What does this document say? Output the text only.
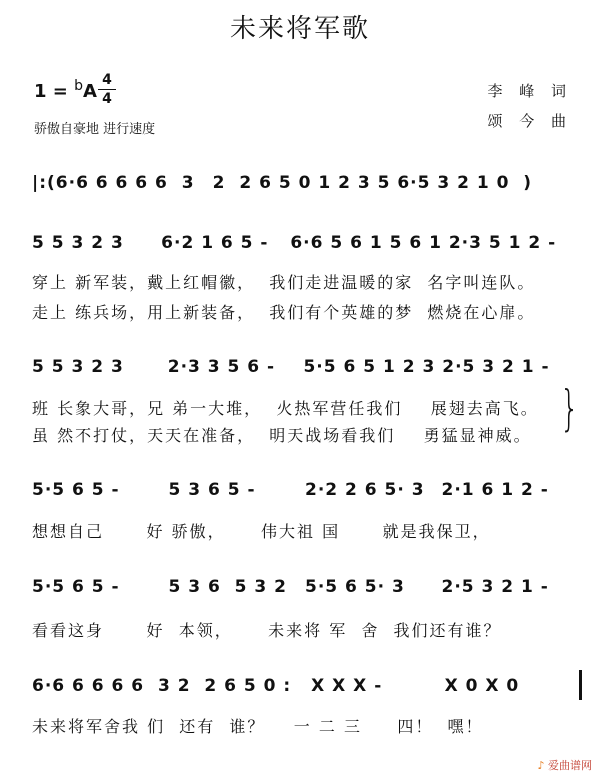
未来将军歌
1 = $^b$A
4
4
骄傲自豪地 进行速度
李 峰 词
颂 今 曲
|:(6·6 6 6 6 6  3 2  2 6 5 0 1 2 3 5 6·5 3 2 1 0  )
5 5 3 2 3	6·2 1 6 5 - 6·6 5 6 1 5 6 1 2·3 5 1 2 -
穿上 新军装，戴上红帽徽，  我们走进温暖的家  名字叫连队。
走上 练兵场，用上新装备，  我们有个英雄的梦  燃烧在心扉。
5 5 3 2 3	2·3 3 5 6 -	5·5 6 5 1 2 3 2·5 3 2 1 -
班 长象大哥，兄 弟一大堆，  火热军营任我们    展翅去高飞。
虽 然不打仗，天天在准备，  明天战场看我们    勇猛显神威。 }
5·5 6 5 -	5 3 6 5 -	2·2 2 6 5· 3 2·1 6 1 2 -
想想自己      好 骄傲，     伟大祖 国      就是我保卫，
5·5 6 5 -	5 3 6  5 3 2 5·5 6 5· 3	2·5 3 2 1 -
看看这身      好  本领，     未来将 军  舍  我们还有谁？
6·6 6 6 6 6  3 2  2 6 5 0 :	X X X -	X 0 X 0
未来将军舍我 们  还有  谁？    一 二 三     四！  嘿！
♪ 爱曲谱网
